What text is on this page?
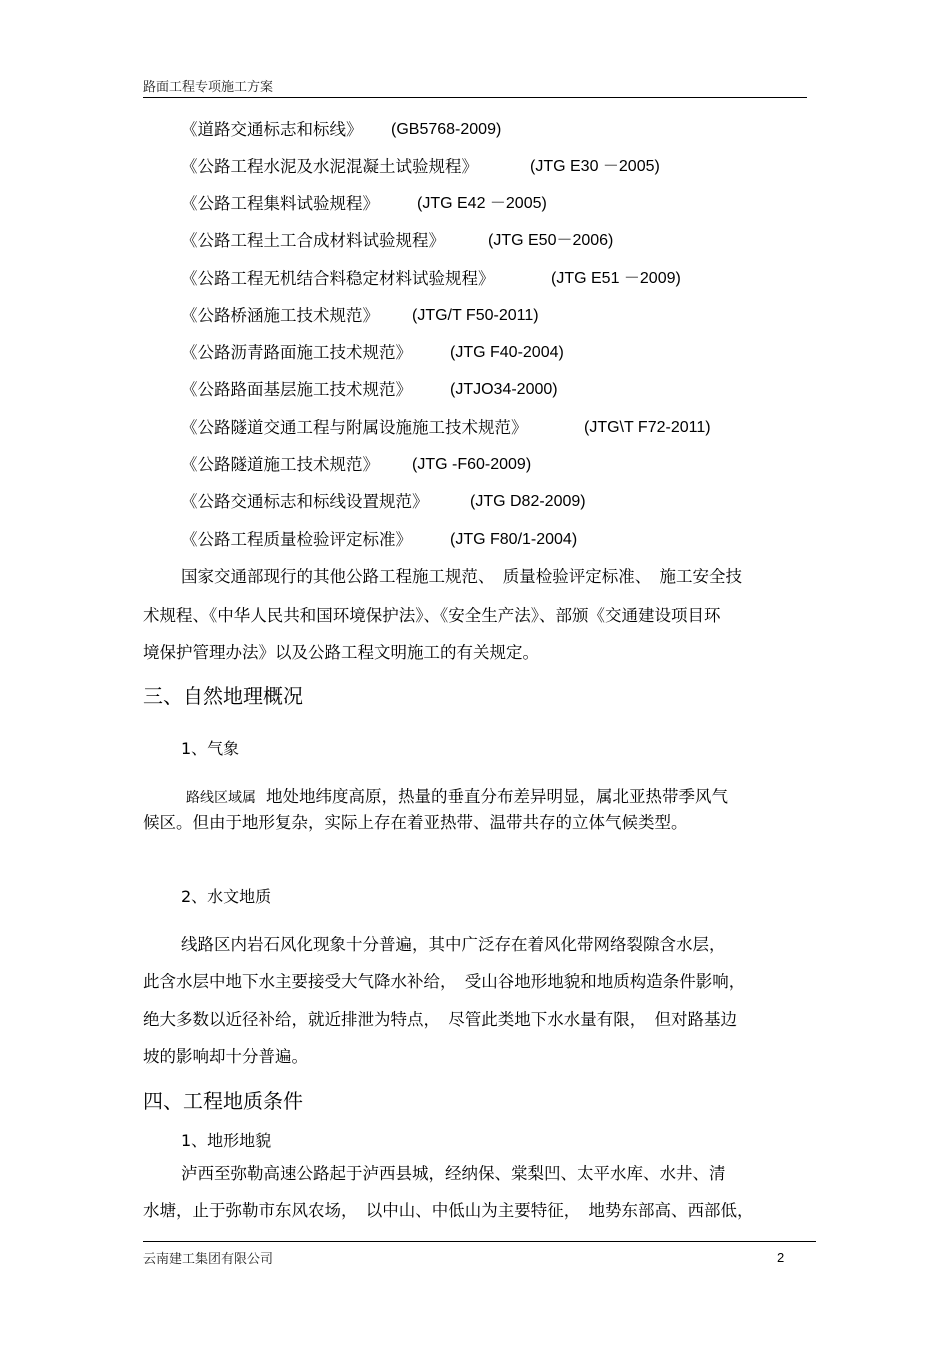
路面工程专项施工方案
《道路交通标志和标线》 (GB5768-2009)
《公路工程水泥及水泥混凝土试验规程》	(JTG E30 －2005)
《公路工程集料试验规程》 (JTG E42 －2005)
《公路工程土工合成材料试验规程》	(JTG E50－2006)
《公路工程无机结合料稳定材料试验规程》	(JTG E51 －2009)
《公路桥涵施工技术规范》 (JTG/T F50-2011)
《公路沥青路面施工技术规范》 (JTG F40-2004)
《公路路面基层施工技术规范》 (JTJO34-2000)
《公路隧道交通工程与附属设施施工技术规范》	(JTG\T F72-2011)
《公路隧道施工技术规范》 (JTG -F60-2009)
《公路交通标志和标线设置规范》	(JTG D82-2009)
《公路工程质量检验评定标准》 (JTG F80/1-2004)
国家交通部现行的其他公路工程施工规范、　质量检验评定标准、　施工安全技
术规程、《中华人民共和国环境保护法》、《安全生产法》、部颁《交通建设项目环
境保护管理办法》以及公路工程文明施工的有关规定。
三、自然地理概况
1、气象
路线区域属 地处地纬度高原，热量的垂直分布差异明显，属北亚热带季风气
候区。但由于地形复杂，实际上存在着亚热带、温带共存的立体气候类型。
2、水文地质
线路区内岩石风化现象十分普遍，其中广泛存在着风化带网络裂隙含水层，
此含水层中地下水主要接受大气降水补给，　受山谷地形地貌和地质构造条件影响，
绝大多数以近径补给，就近排泄为特点，　尽管此类地下水水量有限，　但对路基边
坡的影响却十分普遍。
四、工程地质条件
1、地形地貌
泸西至弥勒高速公路起于泸西县城，经纳保、棠梨凹、太平水库、水井、清
水塘，止于弥勒市东风农场，　以中山、中低山为主要特征，　地势东部高、西部低，
云南建工集团有限公司	2
